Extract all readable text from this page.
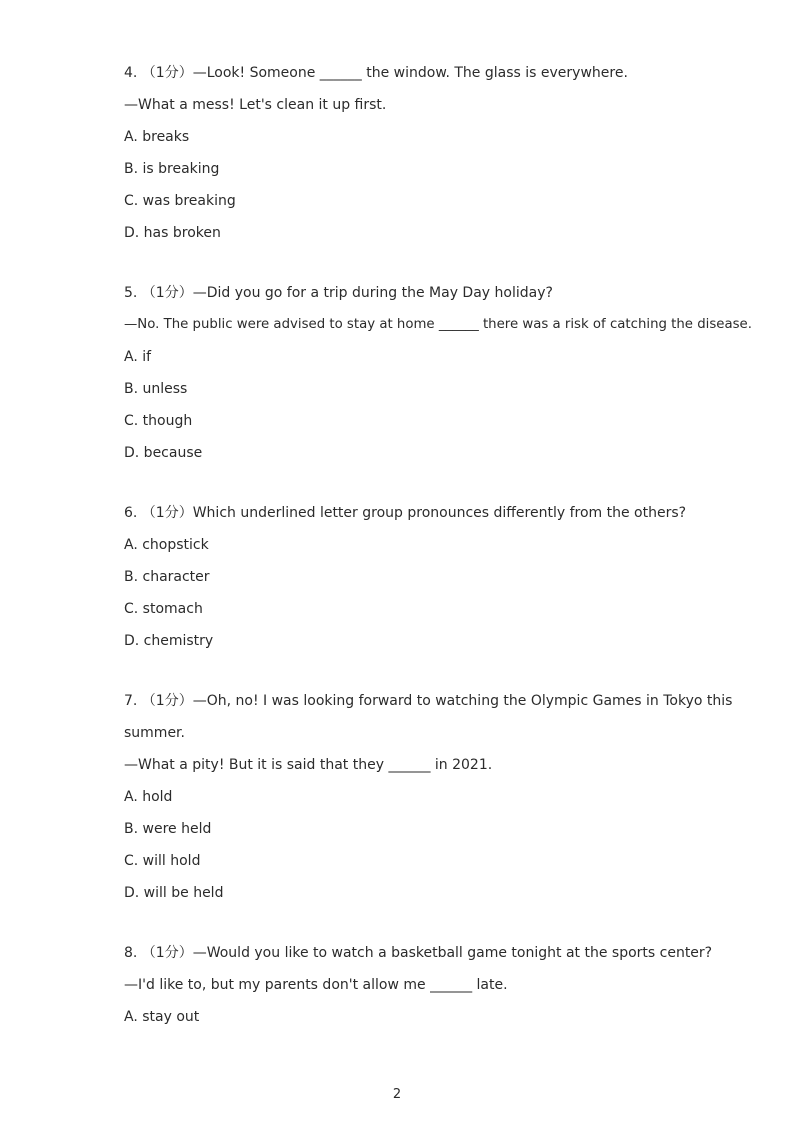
4. （1分）—Look! Someone ______ the window. The glass is everywhere.
—What a mess! Let's clean it up first.
A. breaks
B. is breaking
C. was breaking
D. has broken
5. （1分）—Did you go for a trip during the May Day holiday?
—No. The public were advised to stay at home ______ there was a risk of catching the disease.
A. if
B. unless
C. though
D. because
6. （1分）Which underlined letter group pronounces differently from the others?
A. chopstick
B. character
C. stomach
D. chemistry
7. （1分）—Oh, no! I was looking forward to watching the Olympic Games in Tokyo this
summer.
—What a pity! But it is said that they ______ in 2021.
A. hold
B. were held
C. will hold
D. will be held
8. （1分）—Would you like to watch a basketball game tonight at the sports center?
—I'd like to, but my parents don't allow me ______ late.
A. stay out
2
